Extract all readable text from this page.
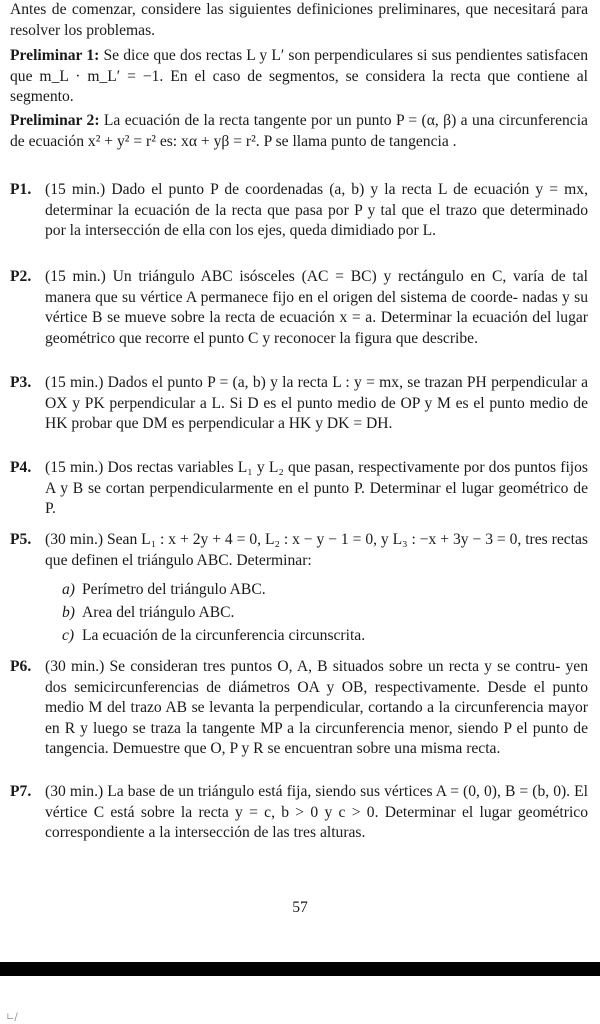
Antes de comenzar, considere las siguientes definiciones preliminares, que necesitará para resolver los problemas.
Preliminar 1: Se dice que dos rectas L y L′ son perpendiculares si sus pendientes satisfacen que m_L · m_L′ = −1. En el caso de segmentos, se considera la recta que contiene al segmento.
Preliminar 2: La ecuación de la recta tangente por un punto P = (α, β) a una circunferencia de ecuación x² + y² = r² es: xα + yβ = r². P se llama punto de tangencia .
P1. (15 min.) Dado el punto P de coordenadas (a, b) y la recta L de ecuación y = mx, determinar la ecuación de la recta que pasa por P y tal que el trazo que determinado por la intersección de ella con los ejes, queda dimidiado por L.
P2. (15 min.) Un triángulo ABC isósceles (AC = BC) y rectángulo en C, varía de tal manera que su vértice A permanece fijo en el origen del sistema de coorde- nadas y su vértice B se mueve sobre la recta de ecuación x = a. Determinar la ecuación del lugar geométrico que recorre el punto C y reconocer la figura que describe.
P3. (15 min.) Dados el punto P = (a, b) y la recta L : y = mx, se trazan PH perpendicular a OX y PK perpendicular a L. Si D es el punto medio de OP y M es el punto medio de HK probar que DM es perpendicular a HK y DK = DH.
P4. (15 min.) Dos rectas variables L₁ y L₂ que pasan, respectivamente por dos puntos fijos A y B se cortan perpendicularmente en el punto P. Determinar el lugar geométrico de P.
P5. (30 min.) Sean L₁ : x + 2y + 4 = 0, L₂ : x − y − 1 = 0, y L₃ : −x + 3y − 3 = 0, tres rectas que definen el triángulo ABC. Determinar:
a) Perímetro del triángulo ABC.
b) Area del triángulo ABC.
c) La ecuación de la circunferencia circunscrita.
P6. (30 min.) Se consideran tres puntos O, A, B situados sobre un recta y se contru- yen dos semicircunferencias de diámetros OA y OB, respectivamente. Desde el punto medio M del trazo AB se levanta la perpendicular, cortando a la circunferencia mayor en R y luego se traza la tangente MP a la circunferencia menor, siendo P el punto de tangencia. Demuestre que O, P y R se encuentran sobre una misma recta.
P7. (30 min.) La base de un triángulo está fija, siendo sus vértices A = (0, 0), B = (b, 0). El vértice C está sobre la recta y = c, b > 0 y c > 0. Determinar el lugar geométrico correspondiente a la intersección de las tres alturas.
57
∟/
